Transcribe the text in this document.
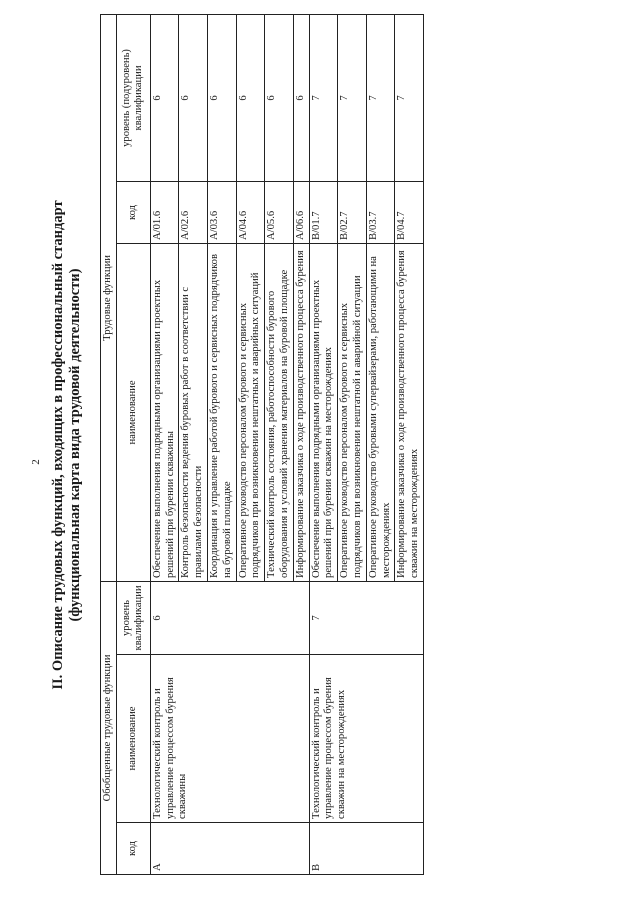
2 II. Описание трудовых функций, входящих в профессиональный стандарт (функциональная карта вида трудовой деятельности)
Обобщенные трудовые функции			Трудовые функции		
код	наименование	уровень квалификации	наименование	код	уровень (подуровень) квалификации
A	Технологический контроль и управление процессом бурения скважины	6	Обеспечение выполнения подрядными организациями проектных решений при бурении скважины	A/01.6	6
			Контроль безопасности ведения буровых работ в соответствии с правилами безопасности	A/02.6	6
			Координация и управление работой бурового и сервисных подрядчиков на буровой площадке	A/03.6	6
			Оперативное руководство персоналом бурового и сервисных подрядчиков при возникновении нештатных и аварийных ситуаций	A/04.6	6
			Технический контроль состояния, работоспособности бурового оборудования и условий хранения материалов на буровой площадке	A/05.6	6
			Информирование заказчика о ходе производственного процесса бурения	A/06.6	6
B	Технологический контроль и управление процессом бурения скважин на месторождениях	7	Обеспечение выполнения подрядными организациями проектных решений при бурении скважин на месторождениях	B/01.7	7
			Оперативное руководство персоналом бурового и сервисных подрядчиков при возникновении нештатной и аварийной ситуации	B/02.7	7
			Оперативное руководство буровыми супервайзерами, работающими на месторождениях	B/03.7	7
			Информирование заказчика о ходе производственного процесса бурения скважин на месторождениях	B/04.7	7
